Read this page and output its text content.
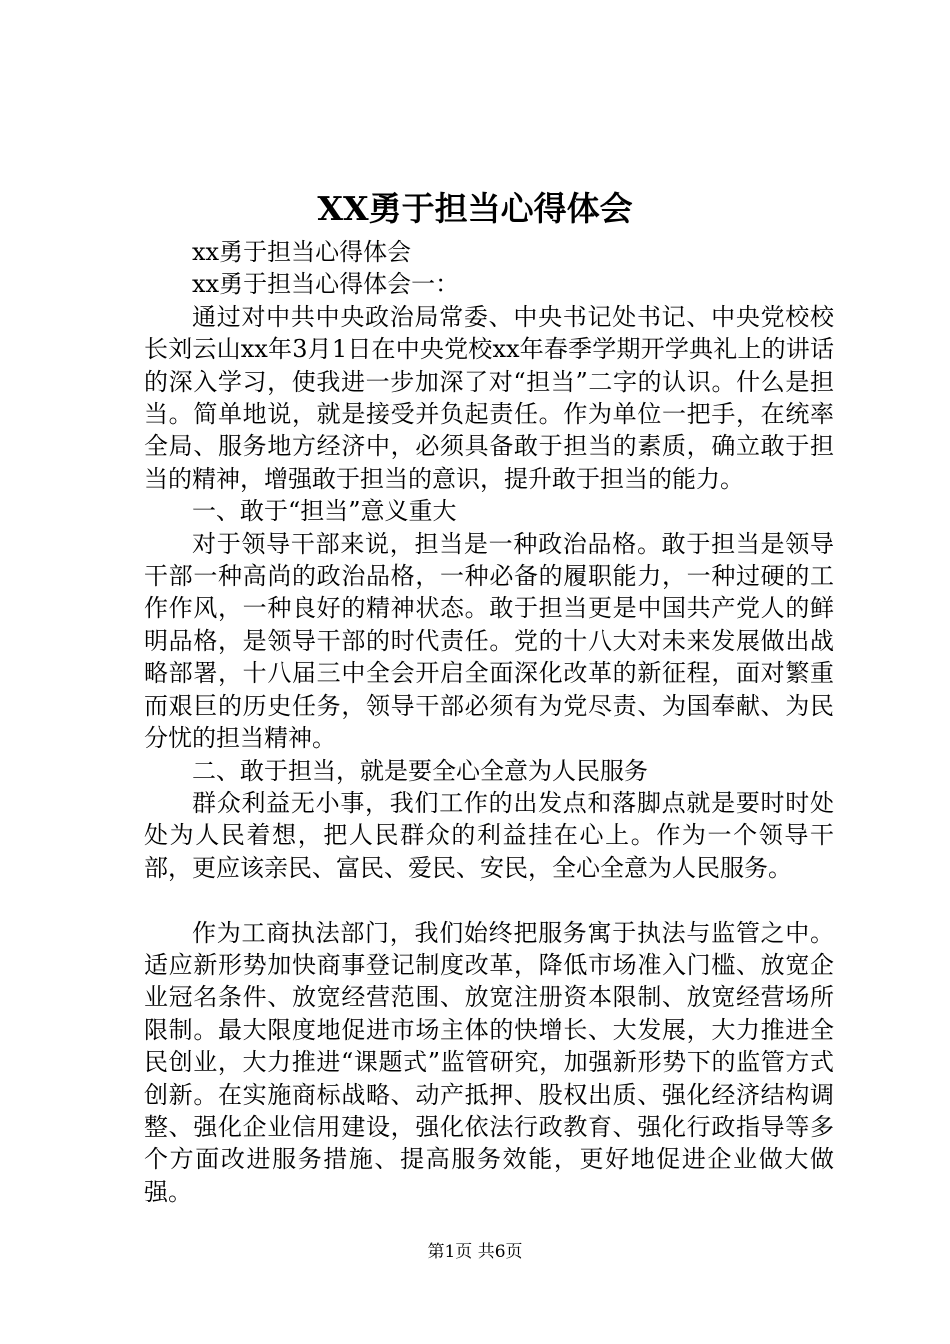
XX勇于担当心得体会

xx勇于担当心得体会

xx勇于担当心得体会一：

通过对中共中央政治局常委、中央书记处书记、中央党校校长刘云山xx年3月1日在中央党校xx年春季学期开学典礼上的讲话的深入学习，使我进一步加深了对“担当”二字的认识。什么是担当。简单地说，就是接受并负起责任。作为单位一把手，在统率全局、服务地方经济中，必须具备敢于担当的素质，确立敢于担当的精神，增强敢于担当的意识，提升敢于担当的能力。

一、敢于“担当”意义重大

对于领导干部来说，担当是一种政治品格。敢于担当是领导干部一种高尚的政治品格，一种必备的履职能力，一种过硬的工作作风，一种良好的精神状态。敢于担当更是中国共产党人的鲜明品格，是领导干部的时代责任。党的十八大对未来发展做出战略部署，十八届三中全会开启全面深化改革的新征程，面对繁重而艰巨的历史任务，领导干部必须有为党尽责、为国奉献、为民分忧的担当精神。

二、敢于担当，就是要全心全意为人民服务

群众利益无小事，我们工作的出发点和落脚点就是要时时处处为人民着想，把人民群众的利益挂在心上。作为一个领导干部，更应该亲民、富民、爱民、安民，全心全意为人民服务。

作为工商执法部门，我们始终把服务寓于执法与监管之中。适应新形势加快商事登记制度改革，降低市场准入门槛、放宽企业冠名条件、放宽经营范围、放宽注册资本限制、放宽经营场所限制。最大限度地促进市场主体的快增长、大发展，大力推进全民创业，大力推进“课题式”监管研究，加强新形势下的监管方式创新。在实施商标战略、动产抵押、股权出质、强化经济结构调整、强化企业信用建设，强化依法行政教育、强化行政指导等多个方面改进服务措施、提高服务效能，更好地促进企业做大做强。

第1页 共6页
